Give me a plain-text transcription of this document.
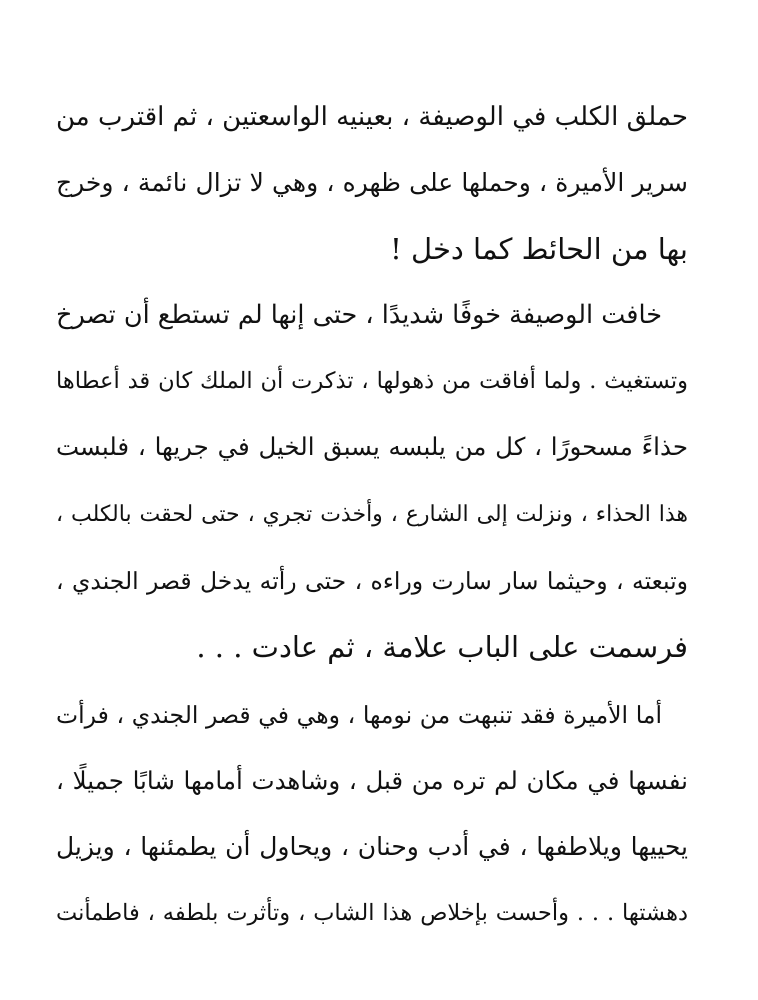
حملق الكلب في الوصيفة ، بعينيه الواسعتين ، ثم اقترب من
سرير الأميرة ، وحملها على ظهره ، وهي لا تزال نائمة ، وخرج
بها من الحائط كما دخل !
خافت الوصيفة خوفًا شديدًا ، حتى إنها لم تستطع أن تصرخ
وتستغيث . ولما أفاقت من ذهولها ، تذكرت أن الملك كان قد أعطاها
حذاءً مسحورًا ، كل من يلبسه يسبق الخيل في جريها ، فلبست
هذا الحذاء ، ونزلت إلى الشارع ، وأخذت تجري ، حتى لحقت بالكلب ،
وتبعته ، وحيثما سار سارت وراءه ، حتى رأته يدخل قصر الجندي ،
فرسمت على الباب علامة ، ثم عادت . . .
أما الأميرة فقد تنبهت من نومها ، وهي في قصر الجندي ، فرأت
نفسها في مكان لم تره من قبل ، وشاهدت أمامها شابًا جميلًا ،
يحييها ويلاطفها ، في أدب وحنان ، ويحاول أن يطمئنها ، ويزيل
دهشتها . . . وأحست بإخلاص هذا الشاب ، وتأثرت بلطفه ، فاطمأنت
